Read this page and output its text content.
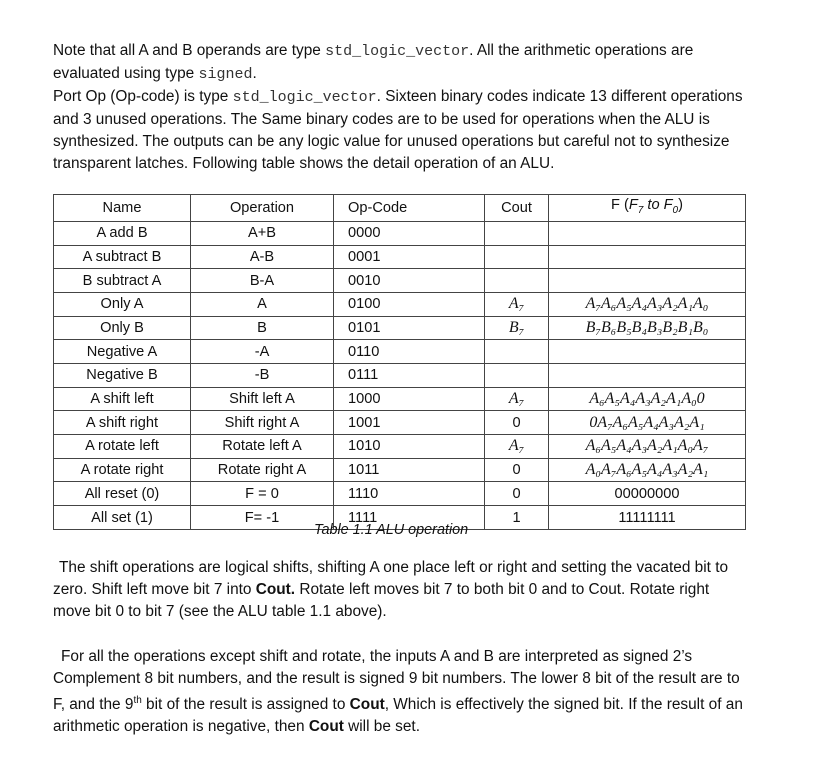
Note that all A and B operands are type std_logic_vector. All the arithmetic operations are evaluated using type signed.
Port Op (Op-code) is type std_logic_vector. Sixteen binary codes indicate 13 different operations and 3 unused operations. The Same binary codes are to be used for operations when the ALU is synthesized. The outputs can be any logic value for unused operations but careful not to synthesize transparent latches. Following table shows the detail operation of an ALU.

Name	Operation	Op-Code	Cout	F ($F_7$ to $F_0$)
A add B	A+B	0000		
A subtract B	A-B	0001		
B subtract A	B-A	0010		
Only A	A	0100	A₇	A₇A₆A₅A₄A₃A₂A₁A₀
Only B	B	0101	B₇	B₇B₆B₅B₄B₃B₂B₁B₀
Negative A	-A	0110		
Negative B	-B	0111		
A shift left	Shift left A	1000	A₇	A₆A₅A₄A₃A₂A₁A₀0
A shift right	Shift right A	1001	0	0A₇A₆A₅A₄A₃A₂A₁
A rotate left	Rotate left A	1010	A₇	A₆A₅A₄A₃A₂A₁A₀A₇
A rotate right	Rotate right A	1011	0	A₀A₇A₆A₅A₄A₃A₂A₁
All reset (0)	F = 0	1110	0	00000000
All set (1)	F= -1	1111	1	11111111
Table 1.1 ALU operation

The shift operations are logical shifts, shifting A one place left or right and setting the vacated bit to zero. Shift left move bit 7 into Cout. Rotate left moves bit 7 to both bit 0 and to Cout. Rotate right move bit 0 to bit 7 (see the ALU table 1.1 above).

For all the operations except shift and rotate, the inputs A and B are interpreted as signed 2’s Complement 8 bit numbers, and the result is signed 9 bit numbers. The lower 8 bit of the result are to F, and the 9th bit of the result is assigned to Cout, Which is effectively the signed bit. If the result of an arithmetic operation is negative, then Cout will be set.
